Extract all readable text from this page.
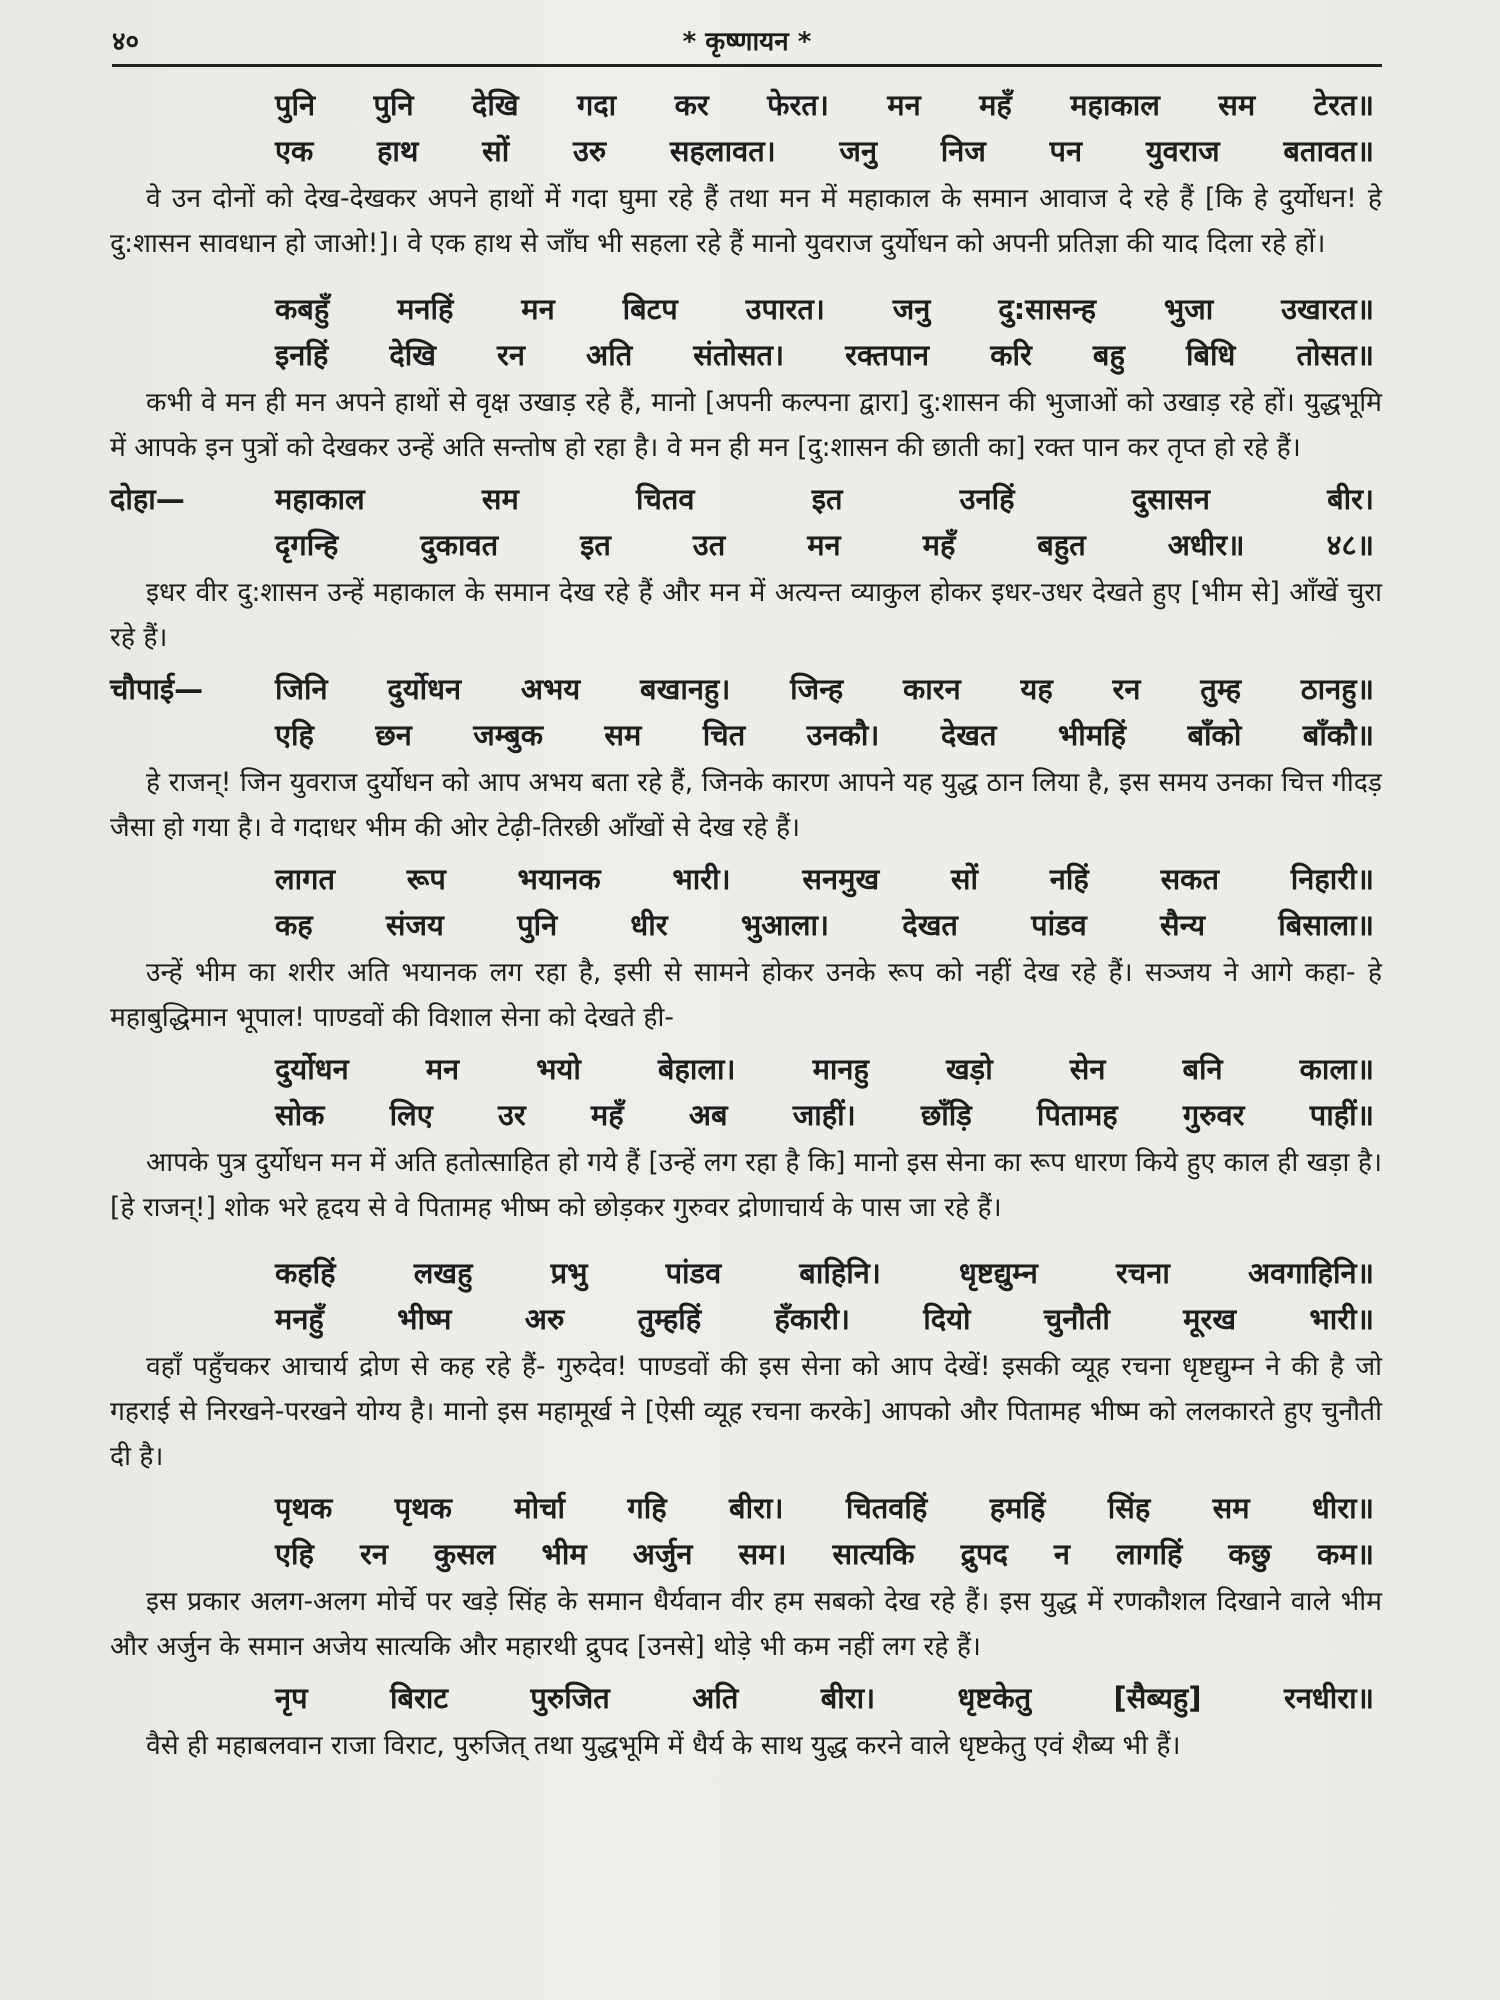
४०	* कृष्णायन *
पुनि पुनि देखि गदा कर फेरत। मन महँ महाकाल सम टेरत॥
एक हाथ सों उरु सहलावत। जनु निज पन युवराज बतावत॥

वे उन दोनों को देख-देखकर अपने हाथों में गदा घुमा रहे हैं तथा मन में महाकाल के समान आवाज दे रहे हैं [कि हे दुर्योधन! हे दु:शासन सावधान हो जाओ!]। वे एक हाथ से जाँघ भी सहला रहे हैं मानो युवराज दुर्योधन को अपनी प्रतिज्ञा की याद दिला रहे हों।

कबहुँ मनहिं मन बिटप उपारत। जनु दु:सासन्ह भुजा उखारत॥
इनहिं देखि रन अति संतोसत। रक्तपान करि बहु बिधि तोसत॥

कभी वे मन ही मन अपने हाथों से वृक्ष उखाड़ रहे हैं, मानो [अपनी कल्पना द्वारा] दु:शासन की भुजाओं को उखाड़ रहे हों। युद्धभूमि में आपके इन पुत्रों को देखकर उन्हें अति सन्तोष हो रहा है। वे मन ही मन [दु:शासन की छाती का] रक्त पान कर तृप्त हो रहे हैं।

दोहा—	महाकाल सम चितव इत उनहिं दुसासन बीर।
दृगन्हि दुकावत इत उत मन महँ बहुत अधीर॥ ४८॥

इधर वीर दु:शासन उन्हें महाकाल के समान देख रहे हैं और मन में अत्यन्त व्याकुल होकर इधर-उधर देखते हुए [भीम से] आँखें चुरा रहे हैं।

चौपाई—	जिनि दुर्योधन अभय बखानहु। जिन्ह कारन यह रन तुम्ह ठानहु॥
एहि छन जम्बुक सम चित उनकौ। देखत भीमहिं बाँको बाँकौ॥

हे राजन्! जिन युवराज दुर्योधन को आप अभय बता रहे हैं, जिनके कारण आपने यह युद्ध ठान लिया है, इस समय उनका चित्त गीदड़ जैसा हो गया है। वे गदाधर भीम की ओर टेढ़ी-तिरछी आँखों से देख रहे हैं।

लागत रूप भयानक भारी। सनमुख सों नहिं सकत निहारी॥
कह संजय पुनि धीर भुआला। देखत पांडव सैन्य बिसाला॥

उन्हें भीम का शरीर अति भयानक लग रहा है, इसी से सामने होकर उनके रूप को नहीं देख रहे हैं। सञ्जय ने आगे कहा- हे महाबुद्धिमान भूपाल! पाण्डवों की विशाल सेना को देखते ही-

दुर्योधन मन भयो बेहाला। मानहु खड़ो सेन बनि काला॥
सोक लिए उर महँ अब जाहीं। छाँड़ि पितामह गुरुवर पाहीं॥

आपके पुत्र दुर्योधन मन में अति हतोत्साहित हो गये हैं [उन्हें लग रहा है कि] मानो इस सेना का रूप धारण किये हुए काल ही खड़ा है। [हे राजन्!] शोक भरे हृदय से वे पितामह भीष्म को छोड़कर गुरुवर द्रोणाचार्य के पास जा रहे हैं।

कहहिं लखहु प्रभु पांडव बाहिनि। धृष्टद्युम्न रचना अवगाहिनि॥
मनहुँ भीष्म अरु तुम्हहिं हँकारी। दियो चुनौती मूरख भारी॥

वहाँ पहुँचकर आचार्य द्रोण से कह रहे हैं- गुरुदेव! पाण्डवों की इस सेना को आप देखें! इसकी व्यूह रचना धृष्टद्युम्न ने की है जो गहराई से निरखने-परखने योग्य है। मानो इस महामूर्ख ने [ऐसी व्यूह रचना करके] आपको और पितामह भीष्म को ललकारते हुए चुनौती दी है।

पृथक पृथक मोर्चा गहि बीरा। चितवहिं हमहिं सिंह सम धीरा॥
एहि रन कुसल भीम अर्जुन सम। सात्यकि द्रुपद न लागहिं कछु कम॥

इस प्रकार अलग-अलग मोर्चे पर खड़े सिंह के समान धैर्यवान वीर हम सबको देख रहे हैं। इस युद्ध में रणकौशल दिखाने वाले भीम और अर्जुन के समान अजेय सात्यकि और महारथी द्रुपद [उनसे] थोड़े भी कम नहीं लग रहे हैं।

नृप बिराट पुरुजित अति बीरा। धृष्टकेतु [सैब्यहु] रनधीरा॥

वैसे ही महाबलवान राजा विराट, पुरुजित् तथा युद्धभूमि में धैर्य के साथ युद्ध करने वाले धृष्टकेतु एवं शैब्य भी हैं।
